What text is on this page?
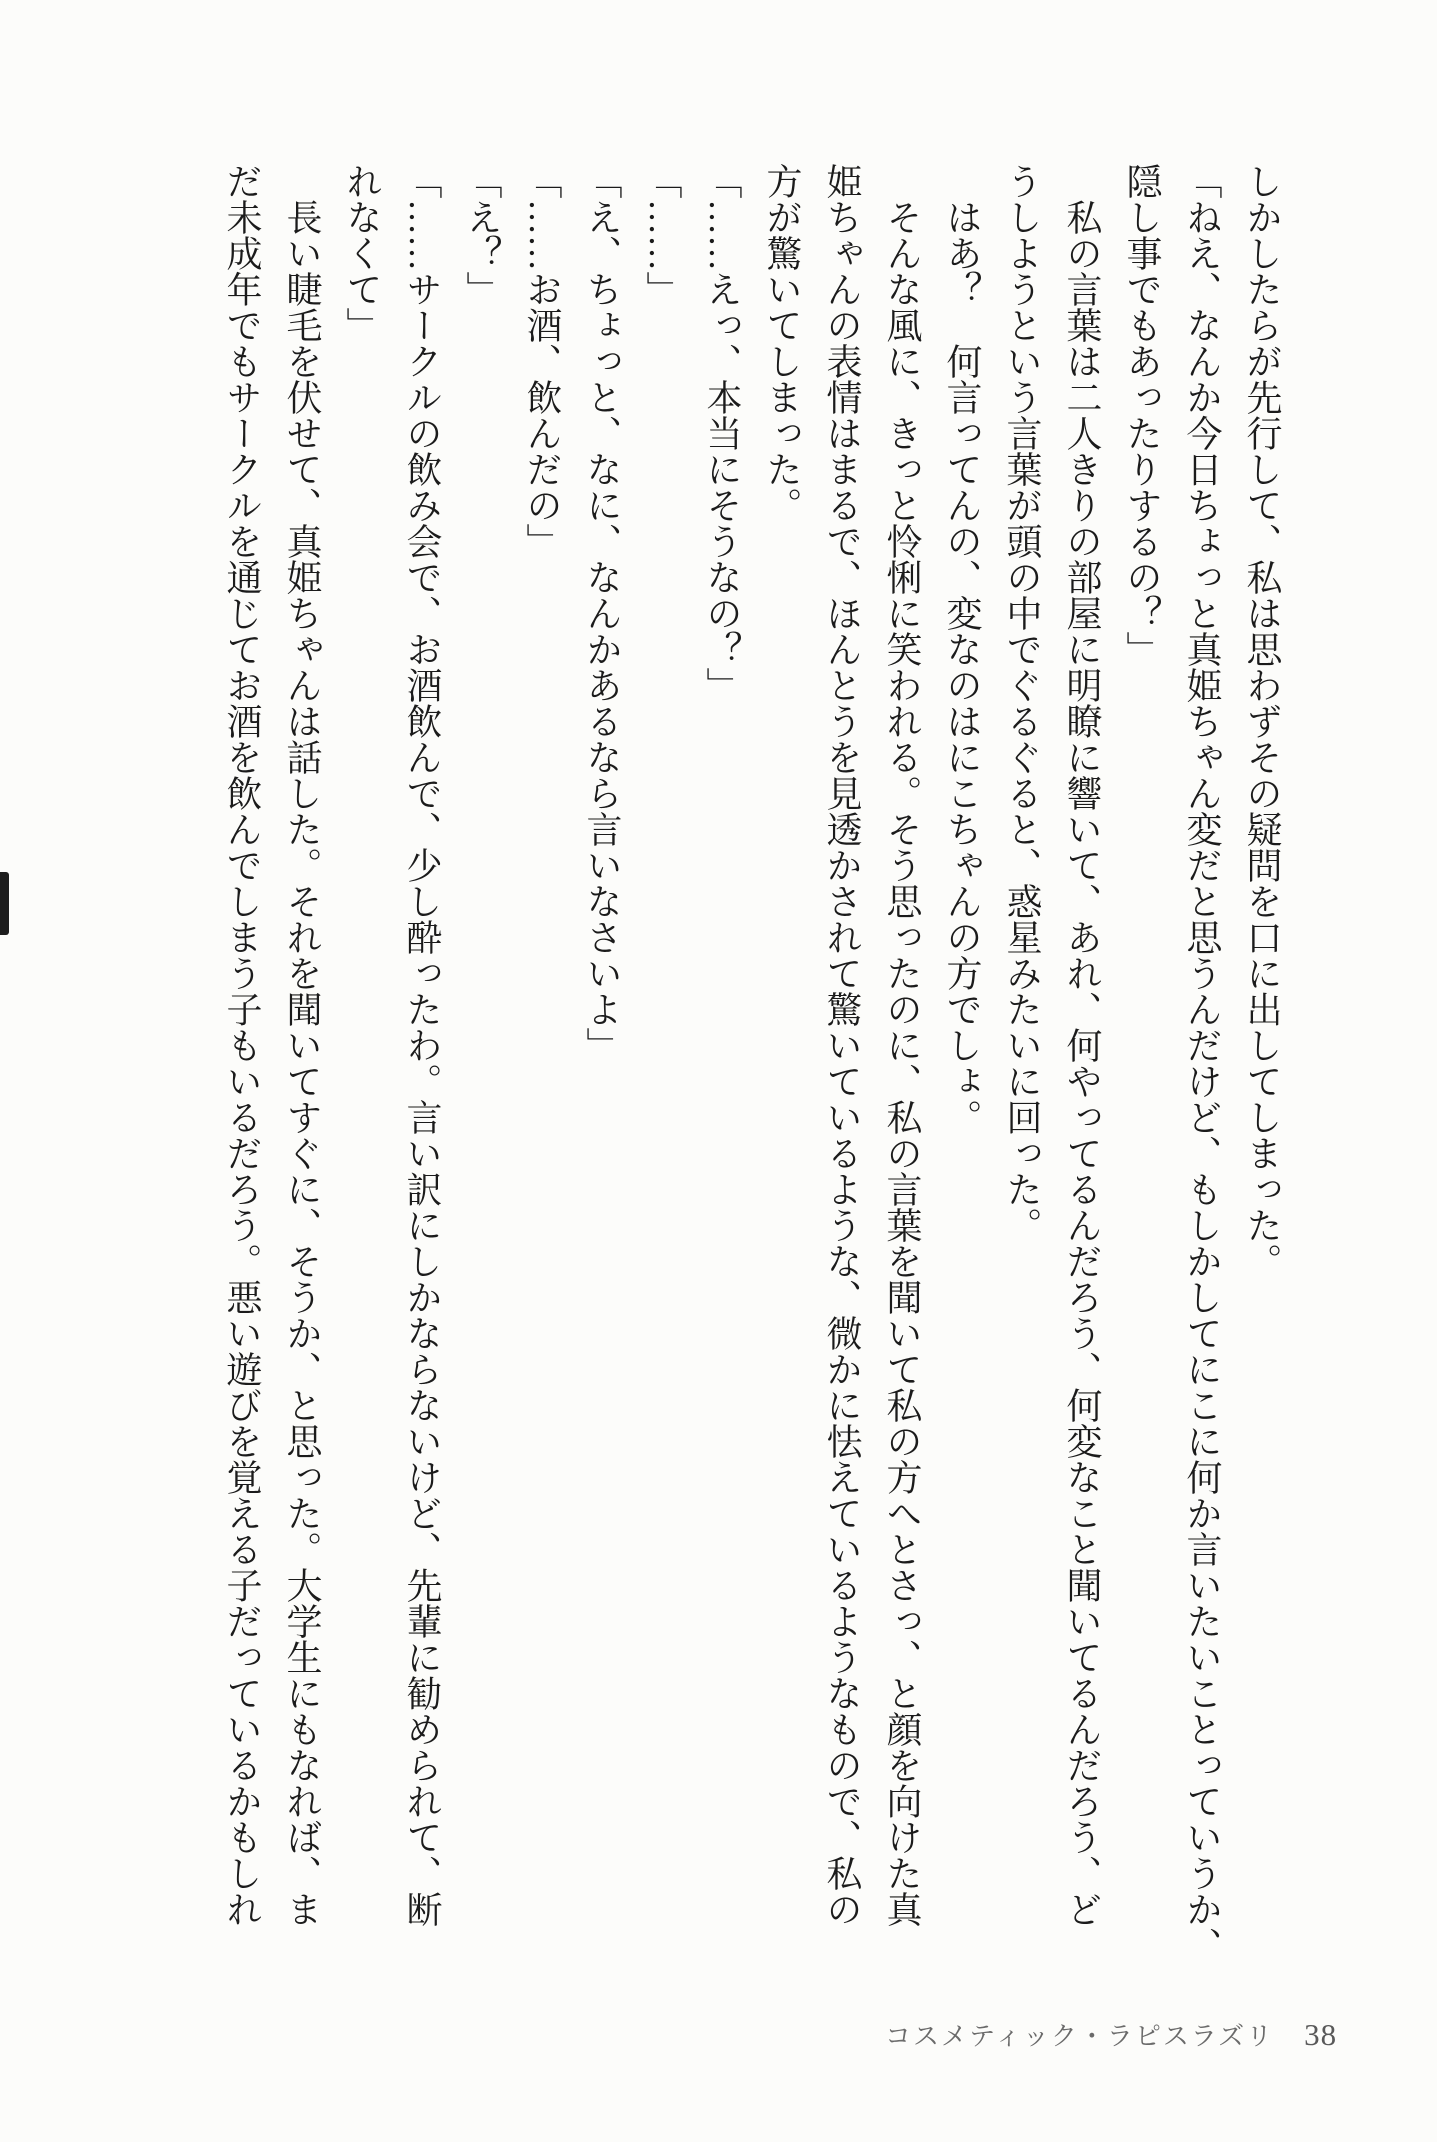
しかしたらが先行して、私は思わずその疑問を口に出してしまった。

「ねえ、なんか今日ちょっと真姫ちゃん変だと思うんだけど、もしかしてにこに何か言いたいことっていうか、

隠し事でもあったりするの？」

　私の言葉は二人きりの部屋に明瞭に響いて、あれ、何やってるんだろう、何変なこと聞いてるんだろう、ど

うしようという言葉が頭の中でぐるぐると、惑星みたいに回った。

　はあ？　何言ってんの、変なのはにこちゃんの方でしょ。

　そんな風に、きっと怜悧に笑われる。そう思ったのに、私の言葉を聞いて私の方へとさっ、と顔を向けた真

姫ちゃんの表情はまるで、ほんとうを見透かされて驚いているような、微かに怯えているようなもので、私の

方が驚いてしまった。

「……えっ、本当にそうなの？」

「……」

「え、ちょっと、なに、なんかあるなら言いなさいよ」

「……お酒、飲んだの」

「え？」

「……サークルの飲み会で、お酒飲んで、少し酔ったわ。言い訳にしかならないけど、先輩に勧められて、断

れなくて」

　長い睫毛を伏せて、真姫ちゃんは話した。それを聞いてすぐに、そうか、と思った。大学生にもなれば、ま

だ未成年でもサークルを通じてお酒を飲んでしまう子もいるだろう。悪い遊びを覚える子だっているかもしれ

コスメティック・ラピスラズリ 38
